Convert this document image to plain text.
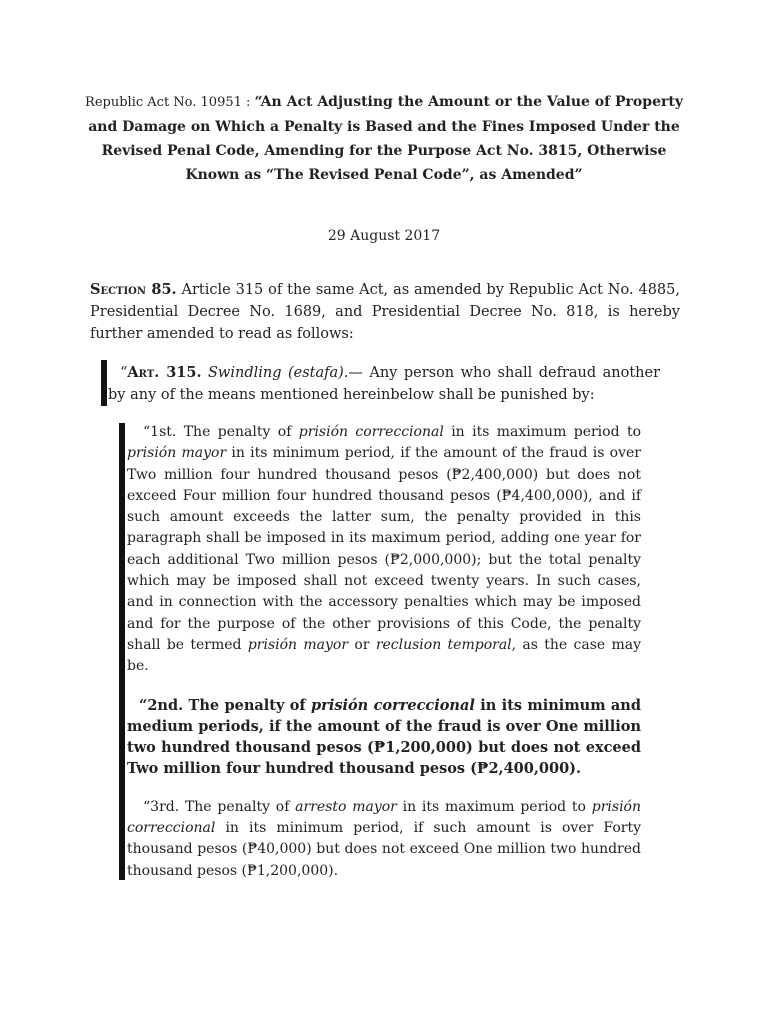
Republic Act No. 10951 : “An Act Adjusting the Amount or the Value of Property and Damage on Which a Penalty is Based and the Fines Imposed Under the Revised Penal Code, Amending for the Purpose Act No. 3815, Otherwise Known as “The Revised Penal Code”, as Amended”
29 August 2017
Section 85. Article 315 of the same Act, as amended by Republic Act No. 4885, Presidential Decree No. 1689, and Presidential Decree No. 818, is hereby further amended to read as follows:
“Art. 315. Swindling (estafa).— Any person who shall defraud another by any of the means mentioned hereinbelow shall be punished by:

“1st. The penalty of prisión correccional in its maximum period to prisión mayor in its minimum period, if the amount of the fraud is over Two million four hundred thousand pesos (₱2,400,000) but does not exceed Four million four hundred thousand pesos (₱4,400,000), and if such amount exceeds the latter sum, the penalty provided in this paragraph shall be imposed in its maximum period, adding one year for each additional Two million pesos (₱2,000,000); but the total penalty which may be imposed shall not exceed twenty years. In such cases, and in connection with the accessory penalties which may be imposed and for the purpose of the other provisions of this Code, the penalty shall be termed prisión mayor or reclusion temporal, as the case may be.

“2nd. The penalty of prisión correccional in its minimum and medium periods, if the amount of the fraud is over One million two hundred thousand pesos (₱1,200,000) but does not exceed Two million four hundred thousand pesos (₱2,400,000).

“3rd. The penalty of arresto mayor in its maximum period to prisión correccional in its minimum period, if such amount is over Forty thousand pesos (₱40,000) but does not exceed One million two hundred thousand pesos (₱1,200,000).
